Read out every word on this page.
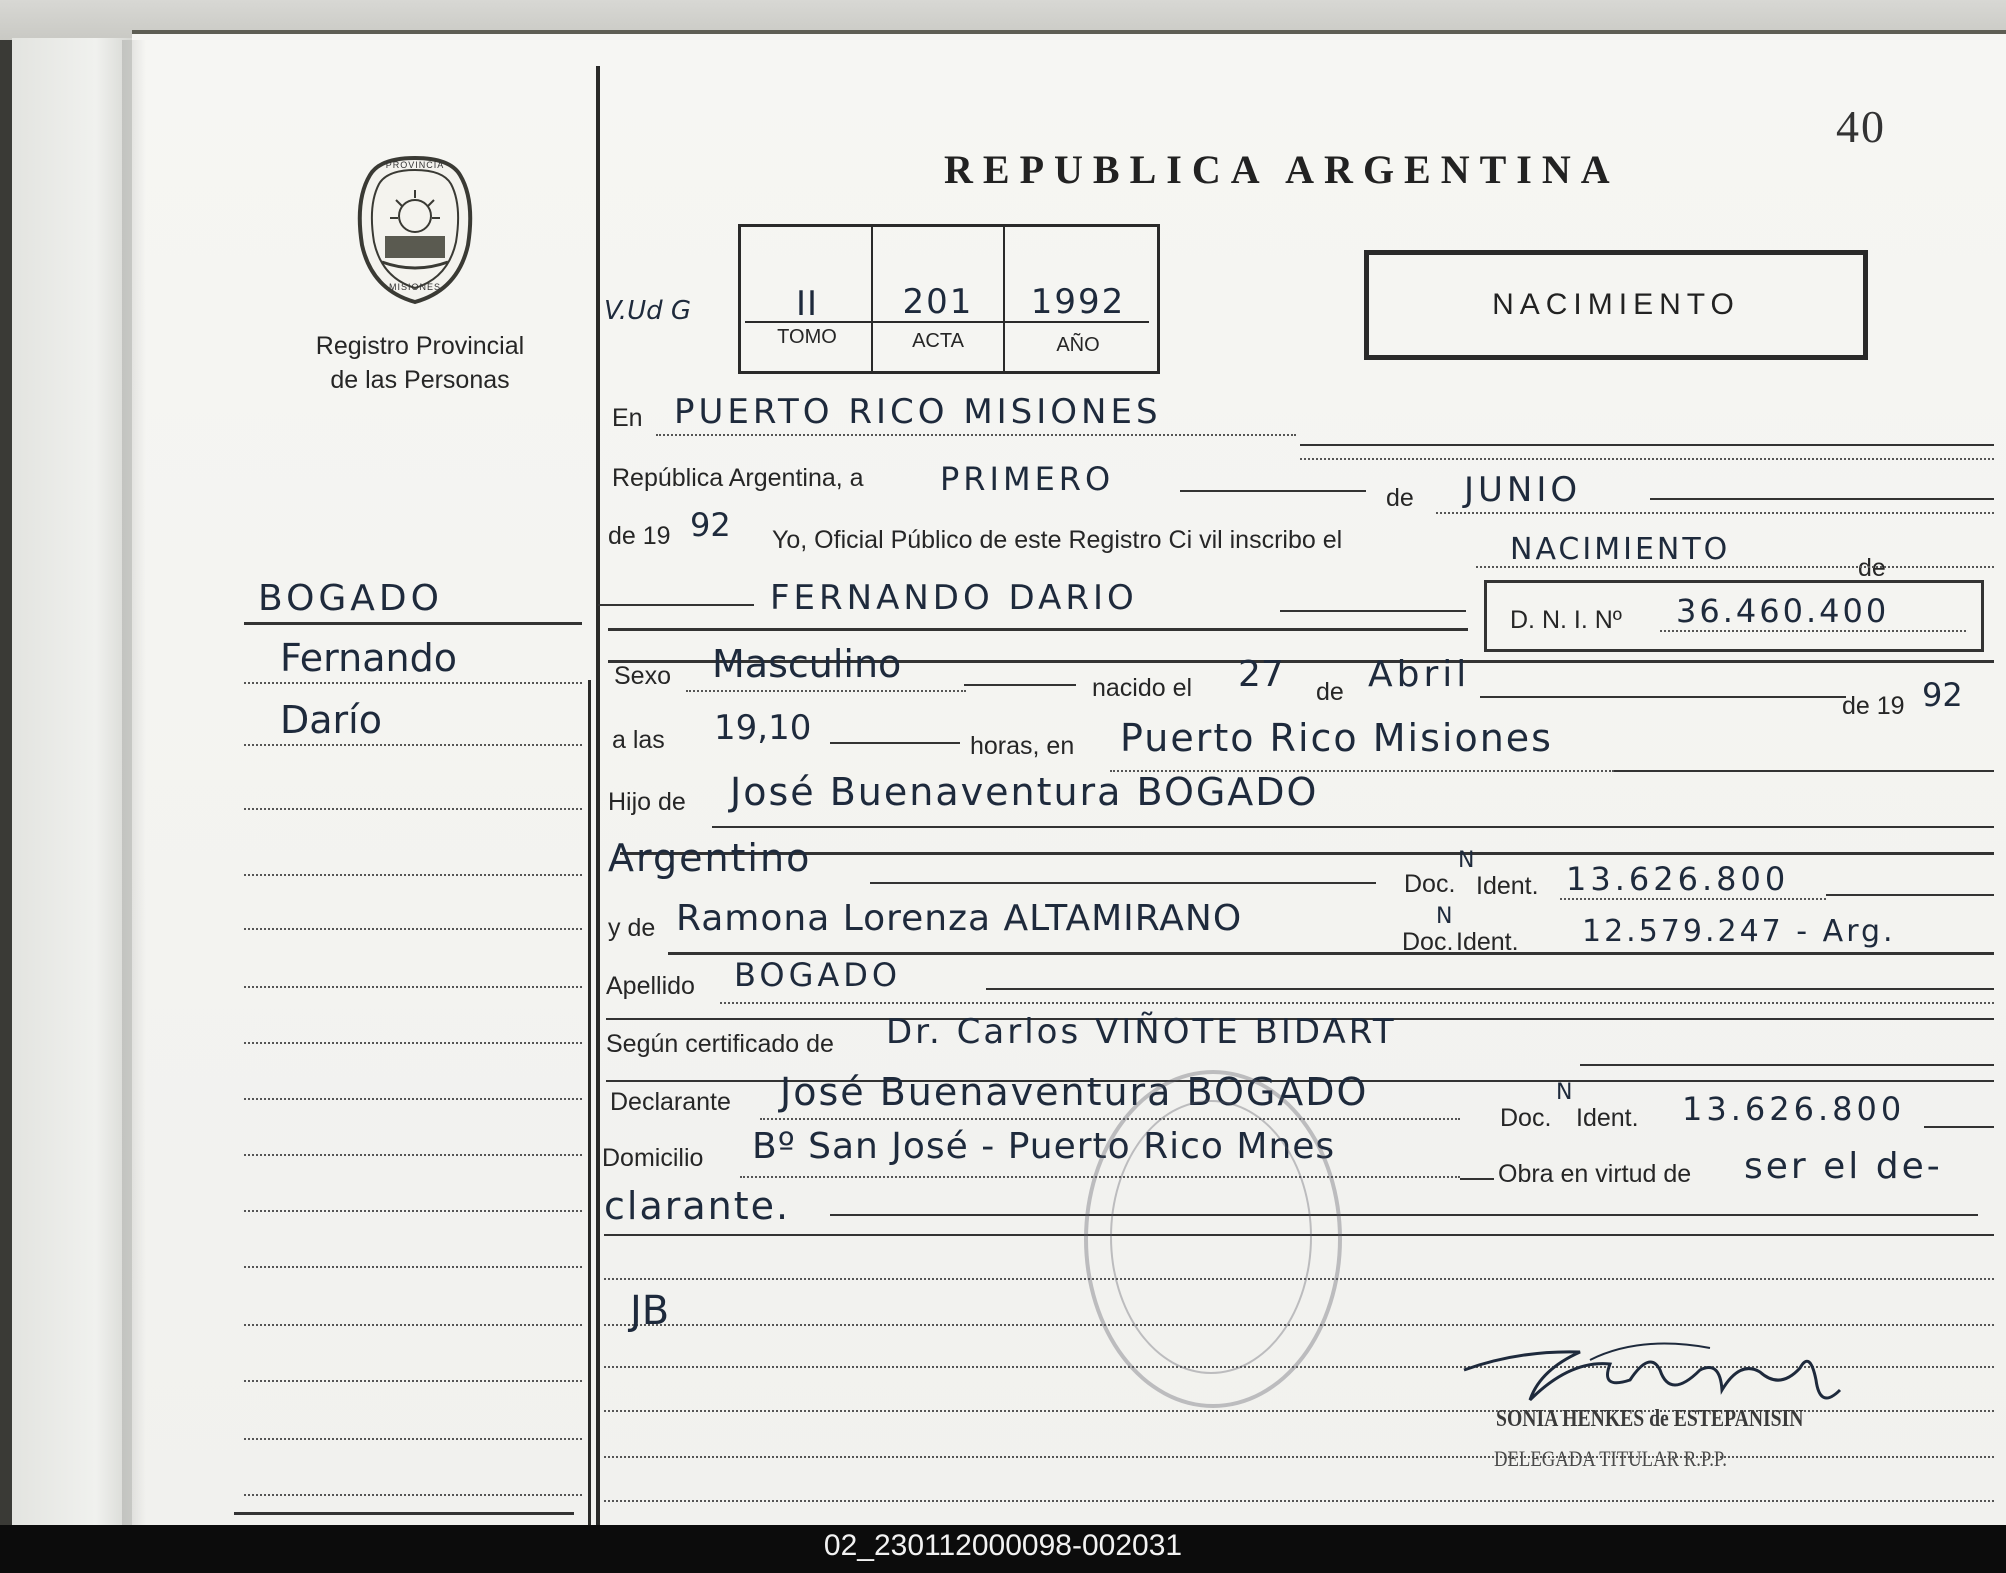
40
PROVINCIA
MISIONES
Registro Provincial
de las Personas
BOGADO
Fernando
Darío
REPUBLICA ARGENTINA
V.Ud G	II	201	1992
TOMO	ACTA	AÑO
NACIMIENTO
En PUERTO RICO MISIONES
República Argentina, a PRIMERO	de JUNIO
de 19 92 Yo, Oficial Público de este Registro Ci vil inscribo el	NACIMIENTO
de
FERNANDO DARIO
D. N. I. Nº 36.460.400
Sexo Masculino
nacido el 27 de Abril
de 19 92
a las 19,10	horas, en Puerto Rico Misiones
Hijo de José Buenaventura BOGADO
Argentino
Doc.
N
Ident. 13.626.800
y de Ramona Lorenza ALTAMIRANO
Doc.
N
Ident. 12.579.247 - Arg.
Apellido BOGADO
Según certificado de Dr. Carlos VIÑOTE BIDART
Declarante José Buenaventura BOGADO
Doc.
N
Ident. 13.626.800
Domicilio Bº San José - Puerto Rico Mnes
Obra en virtud de ser el de-
clarante.
JB
SONIA HENKES de ESTEPANISIN
DELEGADA TITULAR R.P.P.
02_230112000098-002031
